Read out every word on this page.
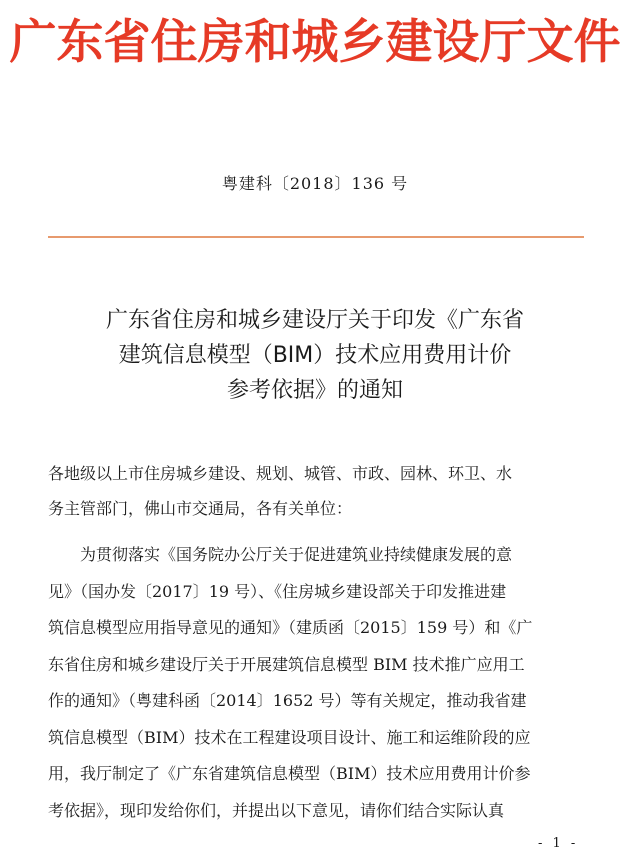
广东省住房和城乡建设厅文件
粤建科〔2018〕136 号
广东省住房和城乡建设厅关于印发《广东省
建筑信息模型（BIM）技术应用费用计价
参考依据》的通知
各地级以上市住房城乡建设、规划、城管、市政、园林、环卫、水
务主管部门，佛山市交通局，各有关单位：
为贯彻落实《国务院办公厅关于促进建筑业持续健康发展的意
见》（国办发〔2017〕19 号）、《住房城乡建设部关于印发推进建
筑信息模型应用指导意见的通知》（建质函〔2015〕159 号）和《广
东省住房和城乡建设厅关于开展建筑信息模型 BIM 技术推广应用工
作的通知》（粤建科函〔2014〕1652 号）等有关规定，推动我省建
筑信息模型（BIM）技术在工程建设项目设计、施工和运维阶段的应
用，我厅制定了《广东省建筑信息模型（BIM）技术应用费用计价参
考依据》，现印发给你们，并提出以下意见，请你们结合实际认真
- 1 -
